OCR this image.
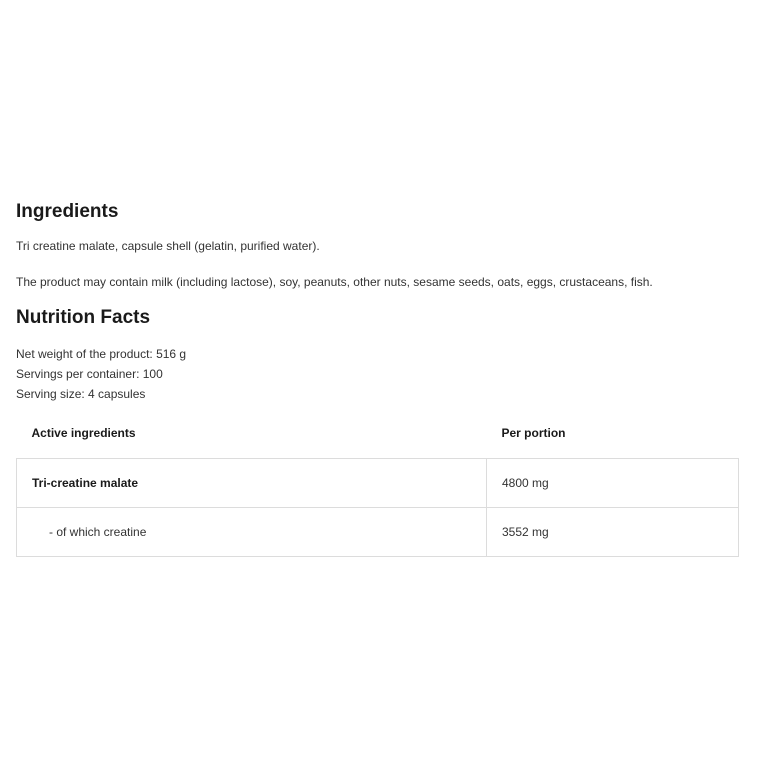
Ingredients

Tri creatine malate, capsule shell (gelatin, purified water).

The product may contain milk (including lactose), soy, peanuts, other nuts, sesame seeds, oats, eggs, crustaceans, fish.

Nutrition Facts

Net weight of the product: 516 g

Servings per container: 100

Serving size: 4 capsules

Active ingredients	Per portion
Tri-creatine malate	4800 mg
- of which creatine	3552 mg
